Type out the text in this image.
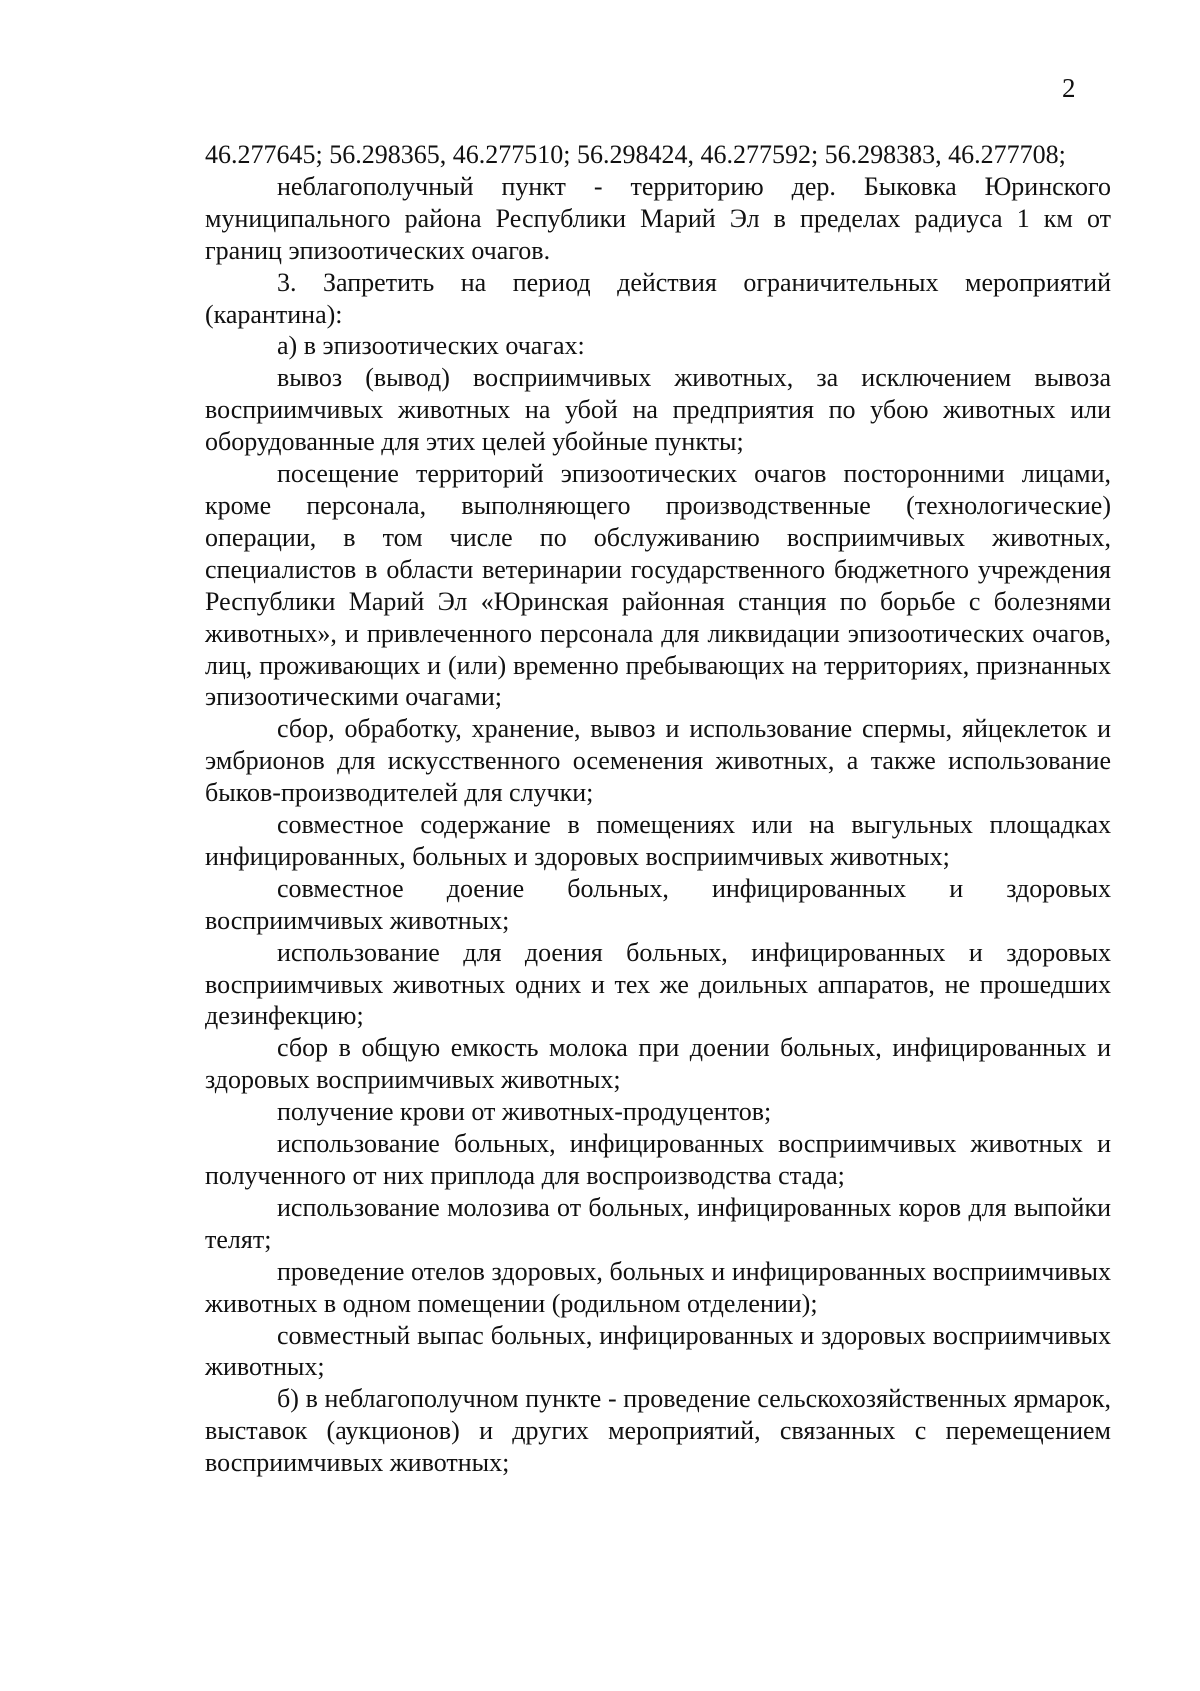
2

46.277645; 56.298365, 46.277510; 56.298424, 46.277592; 56.298383, 46.277708;

неблагополучный пункт - территорию дер. Быковка Юринского муниципального района Республики Марий Эл в пределах радиуса 1 км от границ эпизоотических очагов.

3. Запретить на период действия ограничительных мероприятий (карантина):

а) в эпизоотических очагах:

вывоз (вывод) восприимчивых животных, за исключением вывоза восприимчивых животных на убой на предприятия по убою животных или оборудованные для этих целей убойные пункты;

посещение территорий эпизоотических очагов посторонними лицами, кроме персонала, выполняющего производственные (технологические) операции, в том числе по обслуживанию восприимчивых животных, специалистов в области ветеринарии государственного бюджетного учреждения Республики Марий Эл «Юринская районная станция по борьбе с болезнями животных», и привлеченного персонала для ликвидации эпизоотических очагов, лиц, проживающих и (или) временно пребывающих на территориях, признанных эпизоотическими очагами;

сбор, обработку, хранение, вывоз и использование спермы, яйцеклеток и эмбрионов для искусственного осеменения животных, а также использование быков-производителей для случки;

совместное содержание в помещениях или на выгульных площадках инфицированных, больных и здоровых восприимчивых животных;

совместное доение больных, инфицированных и здоровых восприимчивых животных;

использование для доения больных, инфицированных и здоровых восприимчивых животных одних и тех же доильных аппаратов, не прошедших дезинфекцию;

сбор в общую емкость молока при доении больных, инфицированных и здоровых восприимчивых животных;

получение крови от животных-продуцентов;

использование больных, инфицированных восприимчивых животных и полученного от них приплода для воспроизводства стада;

использование молозива от больных, инфицированных коров для выпойки телят;

проведение отелов здоровых, больных и инфицированных восприимчивых животных в одном помещении (родильном отделении);

совместный выпас больных, инфицированных и здоровых восприимчивых животных;

б) в неблагополучном пункте - проведение сельскохозяйственных ярмарок, выставок (аукционов) и других мероприятий, связанных с перемещением восприимчивых животных;
